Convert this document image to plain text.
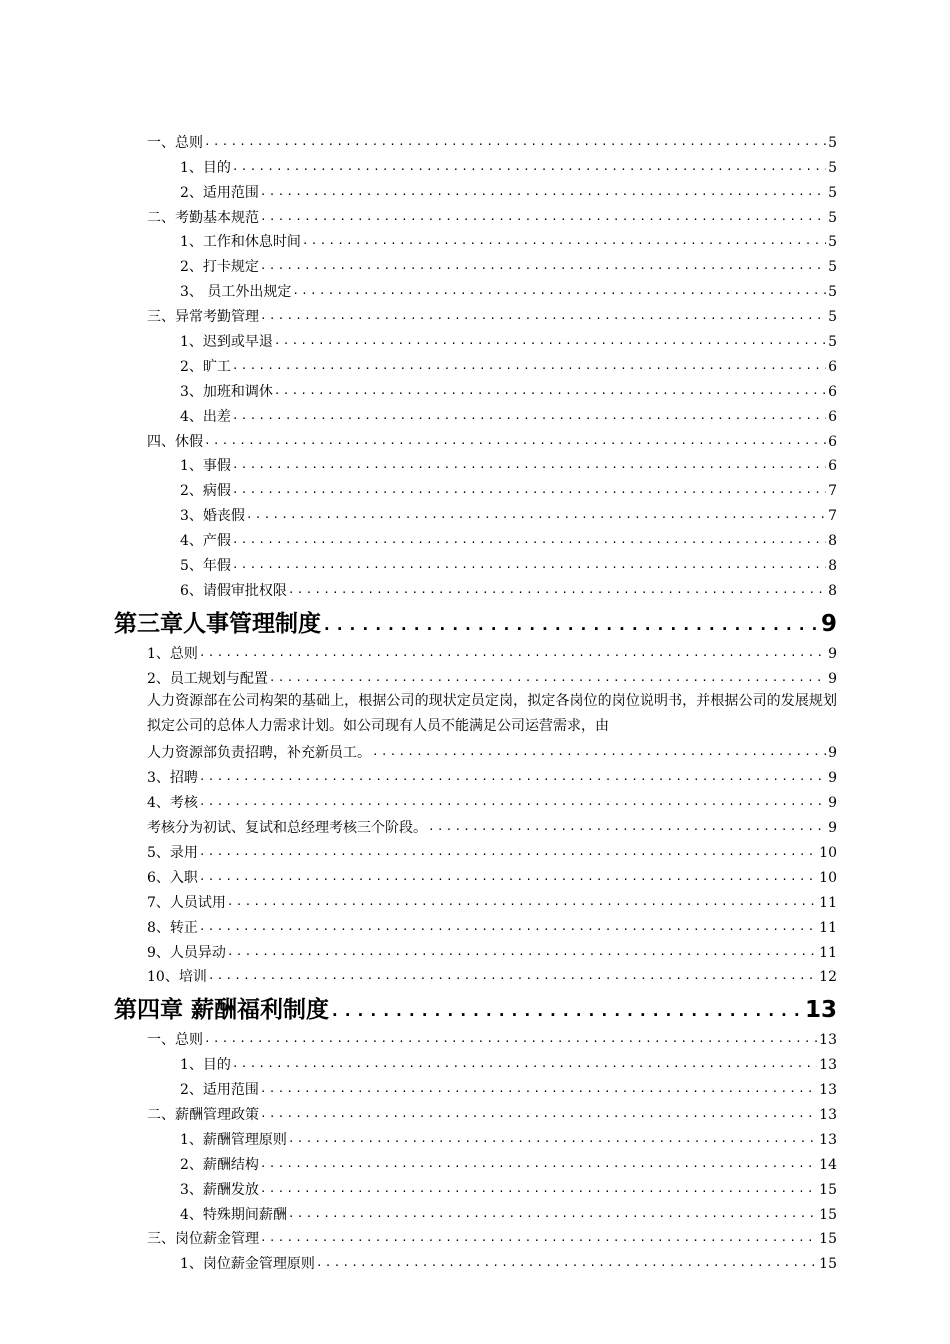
一、总则 .....	5
1、目的 .....	5
2、适用范围 .....	5
二、考勤基本规范 .....	5
1、工作和休息时间 .....	5
2、打卡规定 .....	5
3、 员工外出规定 .....	5
三、异常考勤管理 .....	5
1、迟到或早退 .....	5
2、旷工 .....	6
3、加班和调休 .....	6
4、出差 .....	6
四、休假 .....	6
1、事假 .....	6
2、病假 .....	7
3、婚丧假 .....	7
4、产假 .....	8
5、年假 .....	8
6、请假审批权限 .....	8
第三章人事管理制度 .....	9
1、总则 .....	9
2、员工规划与配置 .....	9
人力资源部在公司构架的基础上，根据公司的现状定员定岗，拟定各岗位的岗位说明书，并根据公司的发展规划拟定公司的总体人力需求计划。如公司现有人员不能满足公司运营需求，由
人力资源部负责招聘，补充新员工。 .....	9
3、招聘 .....	9
4、考核 .....	9
考核分为初试、复试和总经理考核三个阶段。 .....	9
5、录用 .....	10
6、入职 .....	10
7、人员试用 .....	11
8、转正 .....	11
9、人员异动 .....	11
10、培训 .....	12
第四章 薪酬福利制度 .....	13
一、总则 .....	13
1、目的 .....	13
2、适用范围 .....	13
二、薪酬管理政策 .....	13
1、薪酬管理原则 .....	13
2、薪酬结构 .....	14
3、薪酬发放 .....	15
4、特殊期间薪酬 .....	15
三、岗位薪金管理 .....	15
1、岗位薪金管理原则 .....	15
